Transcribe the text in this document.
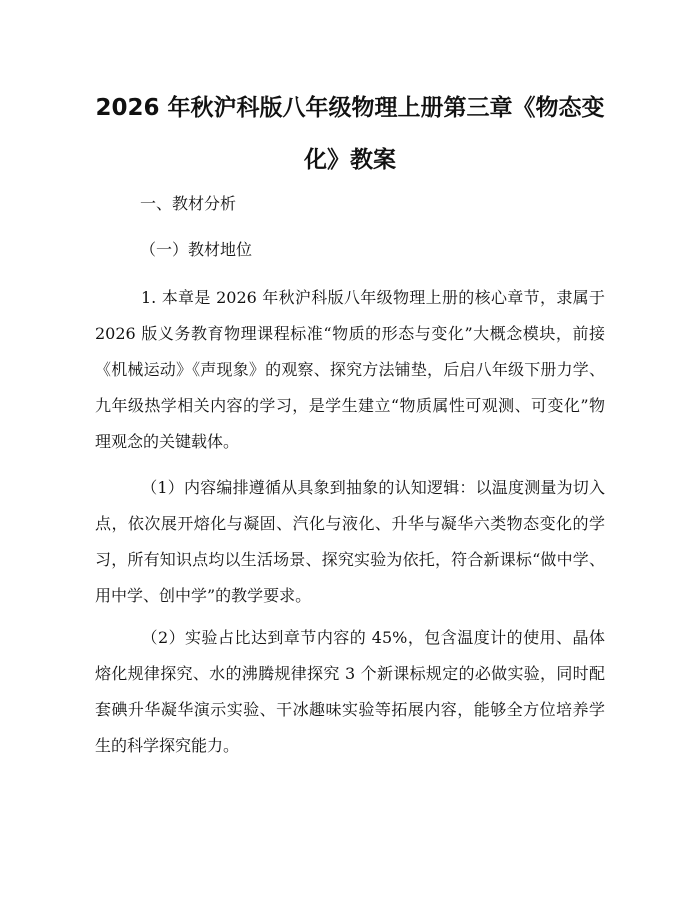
2026 年秋沪科版八年级物理上册第三章《物态变化》教案
一、教材分析
（一）教材地位

1. 本章是 2026 年秋沪科版八年级物理上册的核心章节，隶属于 2026 版义务教育物理课程标准“物质的形态与变化”大概念模块，前接《机械运动》《声现象》的观察、探究方法铺垫，后启八年级下册力学、九年级热学相关内容的学习，是学生建立“物质属性可观测、可变化”物理观念的关键载体。

（1）内容编排遵循从具象到抽象的认知逻辑：以温度测量为切入点，依次展开熔化与凝固、汽化与液化、升华与凝华六类物态变化的学习，所有知识点均以生活场景、探究实验为依托，符合新课标“做中学、用中学、创中学”的教学要求。

（2）实验占比达到章节内容的 45%，包含温度计的使用、晶体熔化规律探究、水的沸腾规律探究 3 个新课标规定的必做实验，同时配套碘升华凝华演示实验、干冰趣味实验等拓展内容，能够全方位培养学生的科学探究能力。
